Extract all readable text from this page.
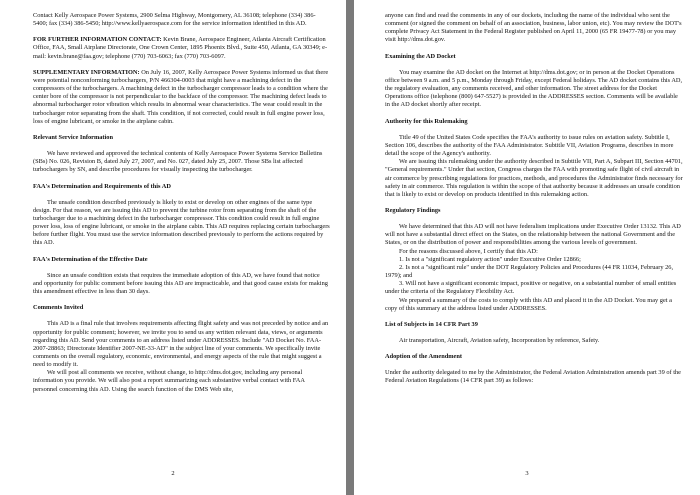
Contact Kelly Aerospace Power Systems, 2900 Selma Highway, Montgomery, AL 36108; telephone (334) 386-5400; fax (334) 386-5450; http://www.kellyaerospace.com for the service information identified in this AD.

FOR FURTHER INFORMATION CONTACT: Kevin Brane, Aerospace Engineer, Atlanta Aircraft Certification Office, FAA, Small Airplane Directorate, One Crown Center, 1895 Phoenix Blvd., Suite 450, Atlanta, GA 30349; e-mail: kevin.brane@faa.gov; telephone (770) 703-6063; fax (770) 703-6097.

SUPPLEMENTARY INFORMATION: On July 16, 2007, Kelly Aerospace Power Systems informed us that there were potential nonconforming turbochargers, P/N 466304-0003 that might have a machining defect in the compressors of the turbochargers. A machining defect in the turbocharger compressor leads to a condition where the center bore of the compressor is not perpendicular to the backface of the compressor. The machining defect leads to abnormal turbocharger rotor vibration which results in abnormal wear characteristics. The wear could result in the turbocharger rotor separating from the shaft. This condition, if not corrected, could result in full engine power loss, loss of engine lubricant, or smoke in the airplane cabin.

Relevant Service Information

We have reviewed and approved the technical contents of Kelly Aerospace Power Systems Service Bulletins (SBs) No. 026, Revision B, dated July 27, 2007, and No. 027, dated July 25, 2007. Those SBs list affected turbochargers by SN, and describe procedures for visually inspecting the turbocharger.

FAA's Determination and Requirements of this AD

The unsafe condition described previously is likely to exist or develop on other engines of the same type design. For that reason, we are issuing this AD to prevent the turbine rotor from separating from the shaft of the turbocharger due to a machining defect in the turbocharger compressor. This condition could result in full engine power loss, loss of engine lubricant, or smoke in the airplane cabin. This AD requires replacing certain turbochargers before further flight. You must use the service information described previously to perform the actions required by this AD.

FAA's Determination of the Effective Date

Since an unsafe condition exists that requires the immediate adoption of this AD, we have found that notice and opportunity for public comment before issuing this AD are impracticable, and that good cause exists for making this amendment effective in less than 30 days.

Comments Invited

This AD is a final rule that involves requirements affecting flight safety and was not preceded by notice and an opportunity for public comment; however, we invite you to send us any written relevant data, views, or arguments regarding this AD. Send your comments to an address listed under ADDRESSES. Include "AD Docket No. FAA-2007-28863; Directorate Identifier 2007-NE-33-AD" in the subject line of your comments. We specifically invite comments on the overall regulatory, economic, environmental, and energy aspects of the rule that might suggest a need to modify it.

We will post all comments we receive, without change, to http://dms.dot.gov, including any personal information you provide. We will also post a report summarizing each substantive verbal contact with FAA personnel concerning this AD. Using the search function of the DMS Web site,

2

anyone can find and read the comments in any of our dockets, including the name of the individual who sent the comment (or signed the comment on behalf of an association, business, labor union, etc). You may review the DOT's complete Privacy Act Statement in the Federal Register published on April 11, 2000 (65 FR 19477-78) or you may visit http://dms.dot.gov.

Examining the AD Docket

You may examine the AD docket on the Internet at http://dms.dot.gov; or in person at the Docket Operations office between 9 a.m. and 5 p.m., Monday through Friday, except Federal holidays. The AD docket contains this AD, the regulatory evaluation, any comments received, and other information. The street address for the Docket Operations office (telephone (800) 647-5527) is provided in the ADDRESSES section. Comments will be available in the AD docket shortly after receipt.

Authority for this Rulemaking

Title 49 of the United States Code specifies the FAA's authority to issue rules on aviation safety. Subtitle I, Section 106, describes the authority of the FAA Administrator. Subtitle VII, Aviation Programs, describes in more detail the scope of the Agency's authority.

We are issuing this rulemaking under the authority described in Subtitle VII, Part A, Subpart III, Section 44701, "General requirements." Under that section, Congress charges the FAA with promoting safe flight of civil aircraft in air commerce by prescribing regulations for practices, methods, and procedures the Administrator finds necessary for safety in air commerce. This regulation is within the scope of that authority because it addresses an unsafe condition that is likely to exist or develop on products identified in this rulemaking action.

Regulatory Findings

We have determined that this AD will not have federalism implications under Executive Order 13132. This AD will not have a substantial direct effect on the States, on the relationship between the national Government and the States, or on the distribution of power and responsibilities among the various levels of government.

For the reasons discussed above, I certify that this AD:

1. Is not a "significant regulatory action" under Executive Order 12866;

2. Is not a "significant rule" under the DOT Regulatory Policies and Procedures (44 FR 11034, February 26, 1979); and

3. Will not have a significant economic impact, positive or negative, on a substantial number of small entities under the criteria of the Regulatory Flexibility Act.

We prepared a summary of the costs to comply with this AD and placed it in the AD Docket. You may get a copy of this summary at the address listed under ADDRESSES.

List of Subjects in 14 CFR Part 39

Air transportation, Aircraft, Aviation safety, Incorporation by reference, Safety.

Adoption of the Amendment

Under the authority delegated to me by the Administrator, the Federal Aviation Administration amends part 39 of the Federal Aviation Regulations (14 CFR part 39) as follows:

3
